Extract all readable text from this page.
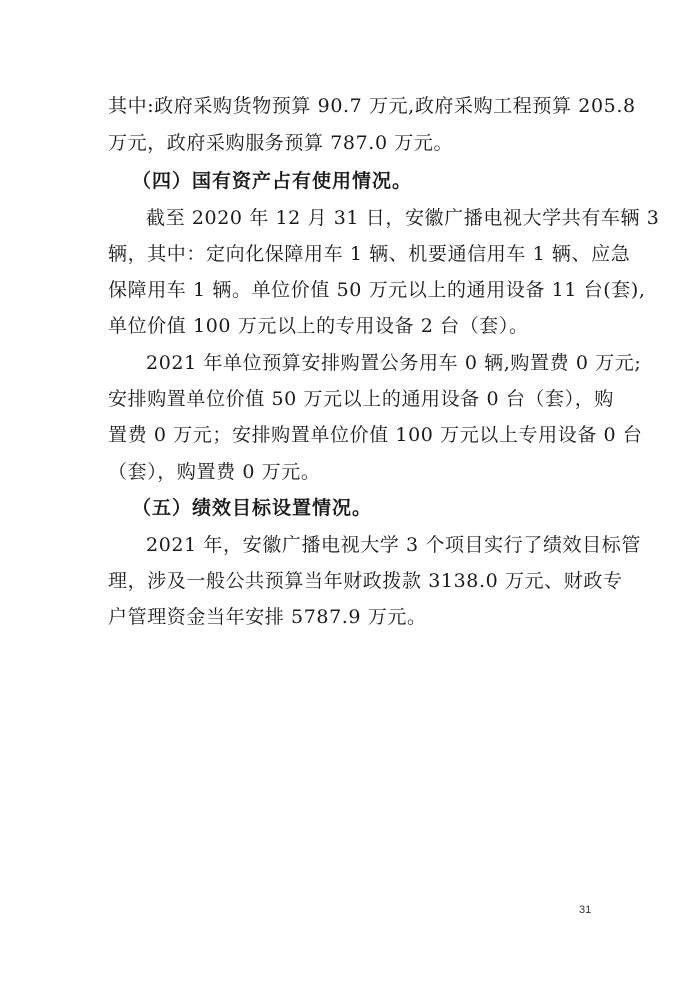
其中:政府采购货物预算 90.7 万元,政府采购工程预算 205.8
万元，政府采购服务预算 787.0 万元。
（四）国有资产占有使用情况。
截至 2020 年 12 月 31 日，安徽广播电视大学共有车辆 3
辆，其中：定向化保障用车 1 辆、机要通信用车 1 辆、应急
保障用车 1 辆。单位价值 50 万元以上的通用设备 11 台(套),
单位价值 100 万元以上的专用设备 2 台（套）。
2021 年单位预算安排购置公务用车 0 辆,购置费 0 万元;
安排购置单位价值 50 万元以上的通用设备 0 台（套），购
置费 0 万元；安排购置单位价值 100 万元以上专用设备 0 台
（套），购置费 0 万元。
（五）绩效目标设置情况。
2021 年，安徽广播电视大学 3 个项目实行了绩效目标管
理，涉及一般公共预算当年财政拨款 3138.0 万元、财政专
户管理资金当年安排 5787.9 万元。
31
